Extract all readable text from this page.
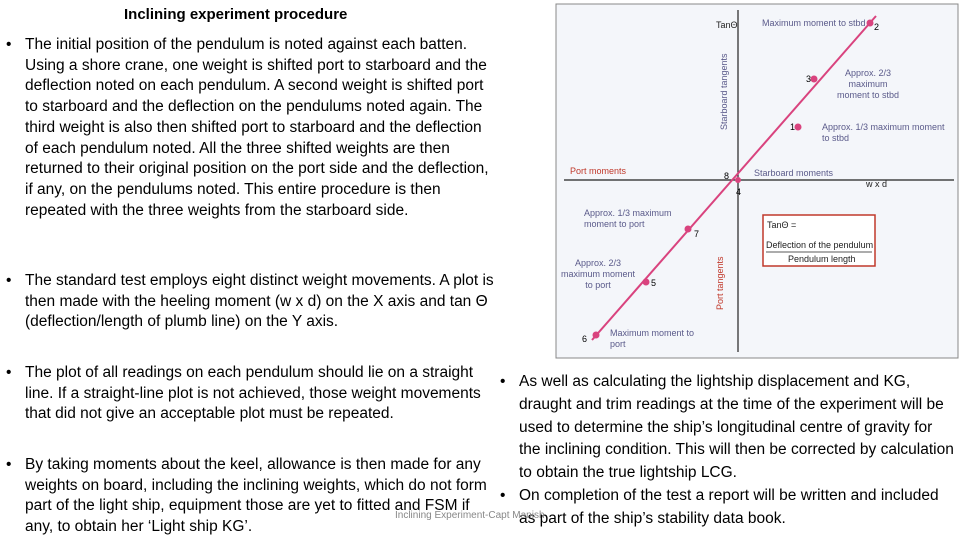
Inclining experiment procedure
• The initial position of the pendulum is noted against each batten. Using a shore crane, one weight is shifted port to starboard and the deflection noted on each pendulum. A second weight is shifted port to starboard and the deflection on the pendulums noted again. The third weight is also then shifted port to starboard and the deflection of each pendulum noted. All the three shifted weights are then returned to their original position on the port side and the deflection, if any, on the pendulums noted. This entire procedure is then repeated with the three weights from the starboard side.
• The standard test employs eight distinct weight movements. A plot is then made with the heeling moment (w x d) on the X axis and tan Θ (deflection/length of plumb line) on the Y axis.
• The plot of all readings on each pendulum should lie on a straight line. If a straight-line plot is not achieved, those weight movements that did not give an acceptable plot must be repeated.
• By taking moments about the keel, allowance is then made for any weights on board, including the inclining weights, which do not form part of the light ship, equipment those are yet to fitted and FSM if any, to obtain her ‘Light ship KG’.
• As well as calculating the lightship displacement and KG, draught and trim readings at the time of the experiment will be used to determine the ship’s longitudinal centre of gravity for the inclining condition. This will then be corrected by calculation to obtain the true lightship LCG.
• On completion of the test a report will be written and included as part of the ship’s stability data book.
Inclining Experiment-Capt Manish
TanΘ
Starboard tangents
Port tangents
Port moments	Starboard moments
w x d
2
3
1
8
4
7
5
6
Maximum moment to stbd
Approx. 2/3 maximum moment to stbd
Approx. 1/3 maximum moment to stbd
Approx. 1/3 maximum moment to port
Approx. 2/3 maximum moment to port
Maximum moment to port
TanΘ =
Deflection of the pendulum
Pendulum length
